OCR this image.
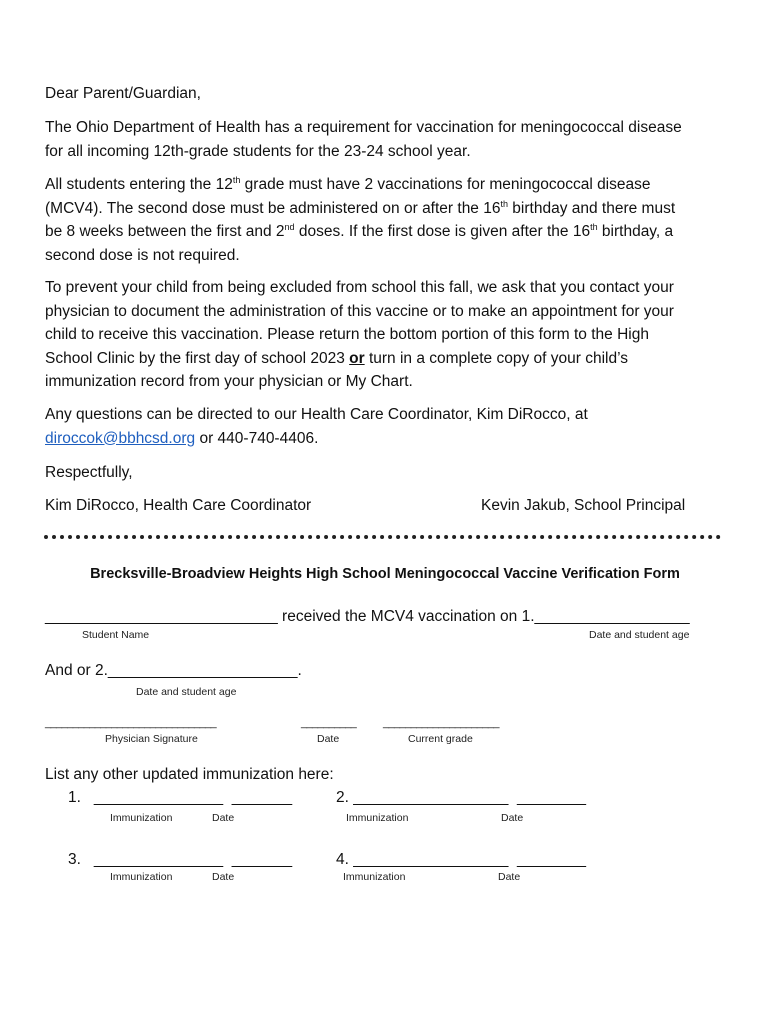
Dear Parent/Guardian,
The Ohio Department of Health has a requirement for vaccination for meningococcal disease
for all incoming 12th-grade students for the 23-24 school year.
All students entering the 12th grade must have 2 vaccinations for meningococcal disease
(MCV4). The second dose must be administered on or after the 16th birthday and there must
be 8 weeks between the first and 2nd doses. If the first dose is given after the 16th birthday, a
second dose is not required.
To prevent your child from being excluded from school this fall, we ask that you contact your
physician to document the administration of this vaccine or to make an appointment for your
child to receive this vaccination. Please return the bottom portion of this form to the High
School Clinic by the first day of school 2023 or turn in a complete copy of your child’s
immunization record from your physician or My Chart.
Any questions can be directed to our Health Care Coordinator, Kim DiRocco, at
diroccok@bbhcsd.org or 440-740-4406.
Respectfully,
Kim DiRocco, Health Care Coordinator	Kevin Jakub, School Principal
Brecksville-Broadview Heights High School Meningococcal Vaccine Verification Form
___________________________ received the MCV4 vaccination on 1.__________________
Student Name	Date and student age
And or 2.______________________.
Date and student age
_______________________________	__________ _____________________
Physician Signature	Date	Current grade
List any other updated immunization here:
1. _______________ _______
Immunization	Date
2. __________________ ________
Immunization	Date
3. _______________ _______
Immunization	Date
4. __________________ ________
Immunization	Date
